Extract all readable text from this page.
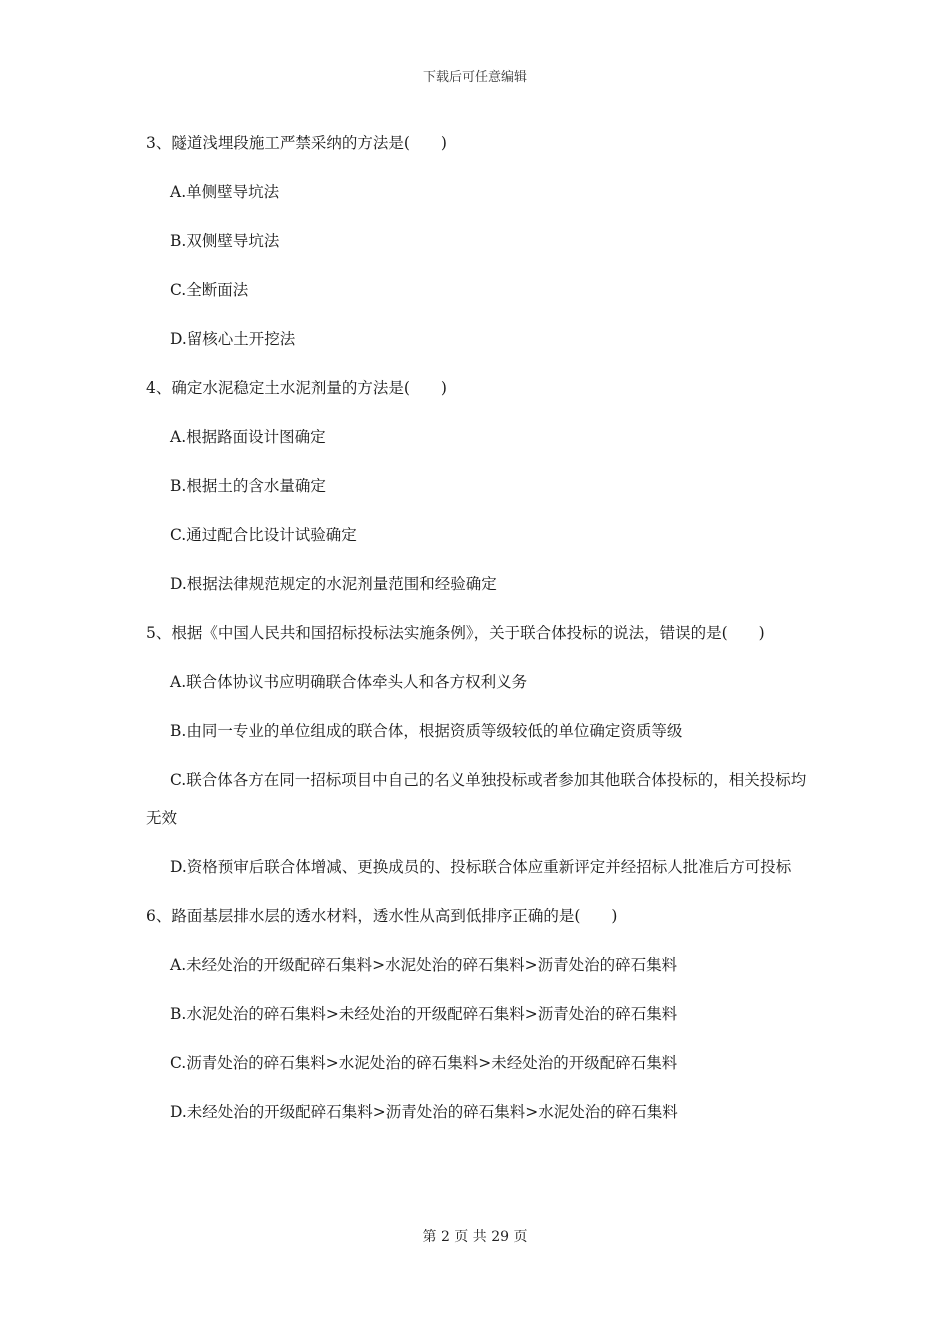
下载后可任意编辑

3、隧道浅埋段施工严禁采纳的方法是(　　)

A.单侧壁导坑法

B.双侧壁导坑法

C.全断面法

D.留核心土开挖法

4、确定水泥稳定土水泥剂量的方法是(　　)

A.根据路面设计图确定

B.根据土的含水量确定

C.通过配合比设计试验确定

D.根据法律规范规定的水泥剂量范围和经验确定

5、根据《中国人民共和国招标投标法实施条例》，关于联合体投标的说法，错误的是(　　)

A.联合体协议书应明确联合体牵头人和各方权利义务

B.由同一专业的单位组成的联合体，根据资质等级较低的单位确定资质等级

C.联合体各方在同一招标项目中自己的名义单独投标或者参加其他联合体投标的，相关投标均无效

D.资格预审后联合体增减、更换成员的、投标联合体应重新评定并经招标人批准后方可投标

6、路面基层排水层的透水材料，透水性从高到低排序正确的是(　　)

A.未经处治的开级配碎石集料>水泥处治的碎石集料>沥青处治的碎石集料

B.水泥处治的碎石集料>未经处治的开级配碎石集料>沥青处治的碎石集料

C.沥青处治的碎石集料>水泥处治的碎石集料>未经处治的开级配碎石集料

D.未经处治的开级配碎石集料>沥青处治的碎石集料>水泥处治的碎石集料

第 2 页 共 29 页
